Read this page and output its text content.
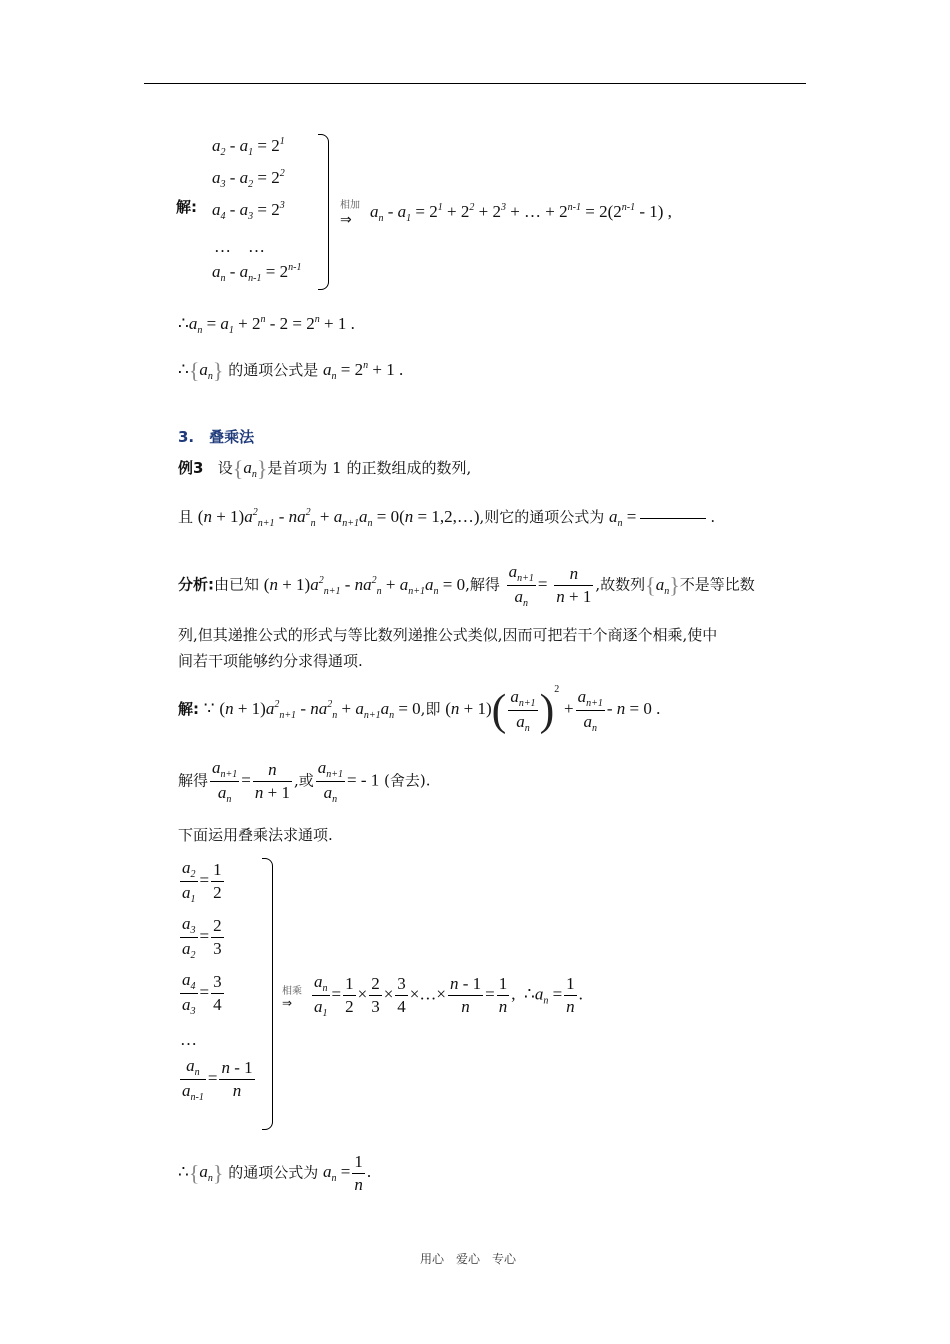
解:
$a_2 - a_1 = 2^1$
$a_3 - a_2 = 2^2$
$a_4 - a_3 = 2^3$
…　…
$a_n - a_{n-1} = 2^{n-1}$
相加
⇒ $a_n - a_1 = 2^1 + 2^2 + 2^3$ + … + $2^{n-1} = 2(2^{n-1} - 1)$ ,
$\therefore a_n = a_1 + 2^n - 2 = 2^n + 1$ .
$\therefore\{a_n\}$ 的通项公式是 $a_n = 2^n + 1$ .
3.　叠乘法
例3 设$\{a_n\}$是首项为 1 的正数组成的数列,
且 $(n + 1)a^2_{n+1} - na^2_n + a_{n+1}a_n = 0(n$ = 1,2,…),则它的通项公式为 $a_n$ =	.
分析:由已知 $(n + 1)a^2_{n+1} - na^2_n + a_{n+1}a_n = 0$,解得 $\frac{a_{n+1}}{a_n} = \frac{n}{n + 1}$ ,故数列$\{a_n\}$不是等比数
列,但其递推公式的形式与等比数列递推公式类似,因而可把若干个商逐个相乘,使中
间若干项能够约分求得通项.
解: ∵ $(n + 1)a^2_{n+1} - na^2_n + a_{n+1}a_n = 0$,即 $(n + 1)( \frac{a_{n+1}}{a_n} )^2 + \frac{a_{n+1}}{a_n} - n = 0$ .
解得 $\frac{a_{n+1}}{a_n} = \frac{n}{n + 1}$ ,或 $\frac{a_{n+1}}{a_n}$ = - 1 (舍去).
下面运用叠乘法求通项.
$\frac{a_2}{a_1} = \frac{1}{2}$
$\frac{a_3}{a_2} = \frac{2}{3}$
$\frac{a_4}{a_3} = \frac{3}{4}$
…
$\frac{a_n}{a_{n-1}} = \frac{n - 1}{n}$
相乘
⇒ $\frac{a_n}{a_1} = \frac{1}{2} \times \frac{2}{3} \times \frac{3}{4}$ ×…× $\frac{n - 1}{n} = \frac{1}{n}$ , $\therefore a_n = \frac{1}{n}$ .
$\therefore\{a_n\}$ 的通项公式为 $a_n = \frac{1}{n}$ .
用心　爱心　专心
